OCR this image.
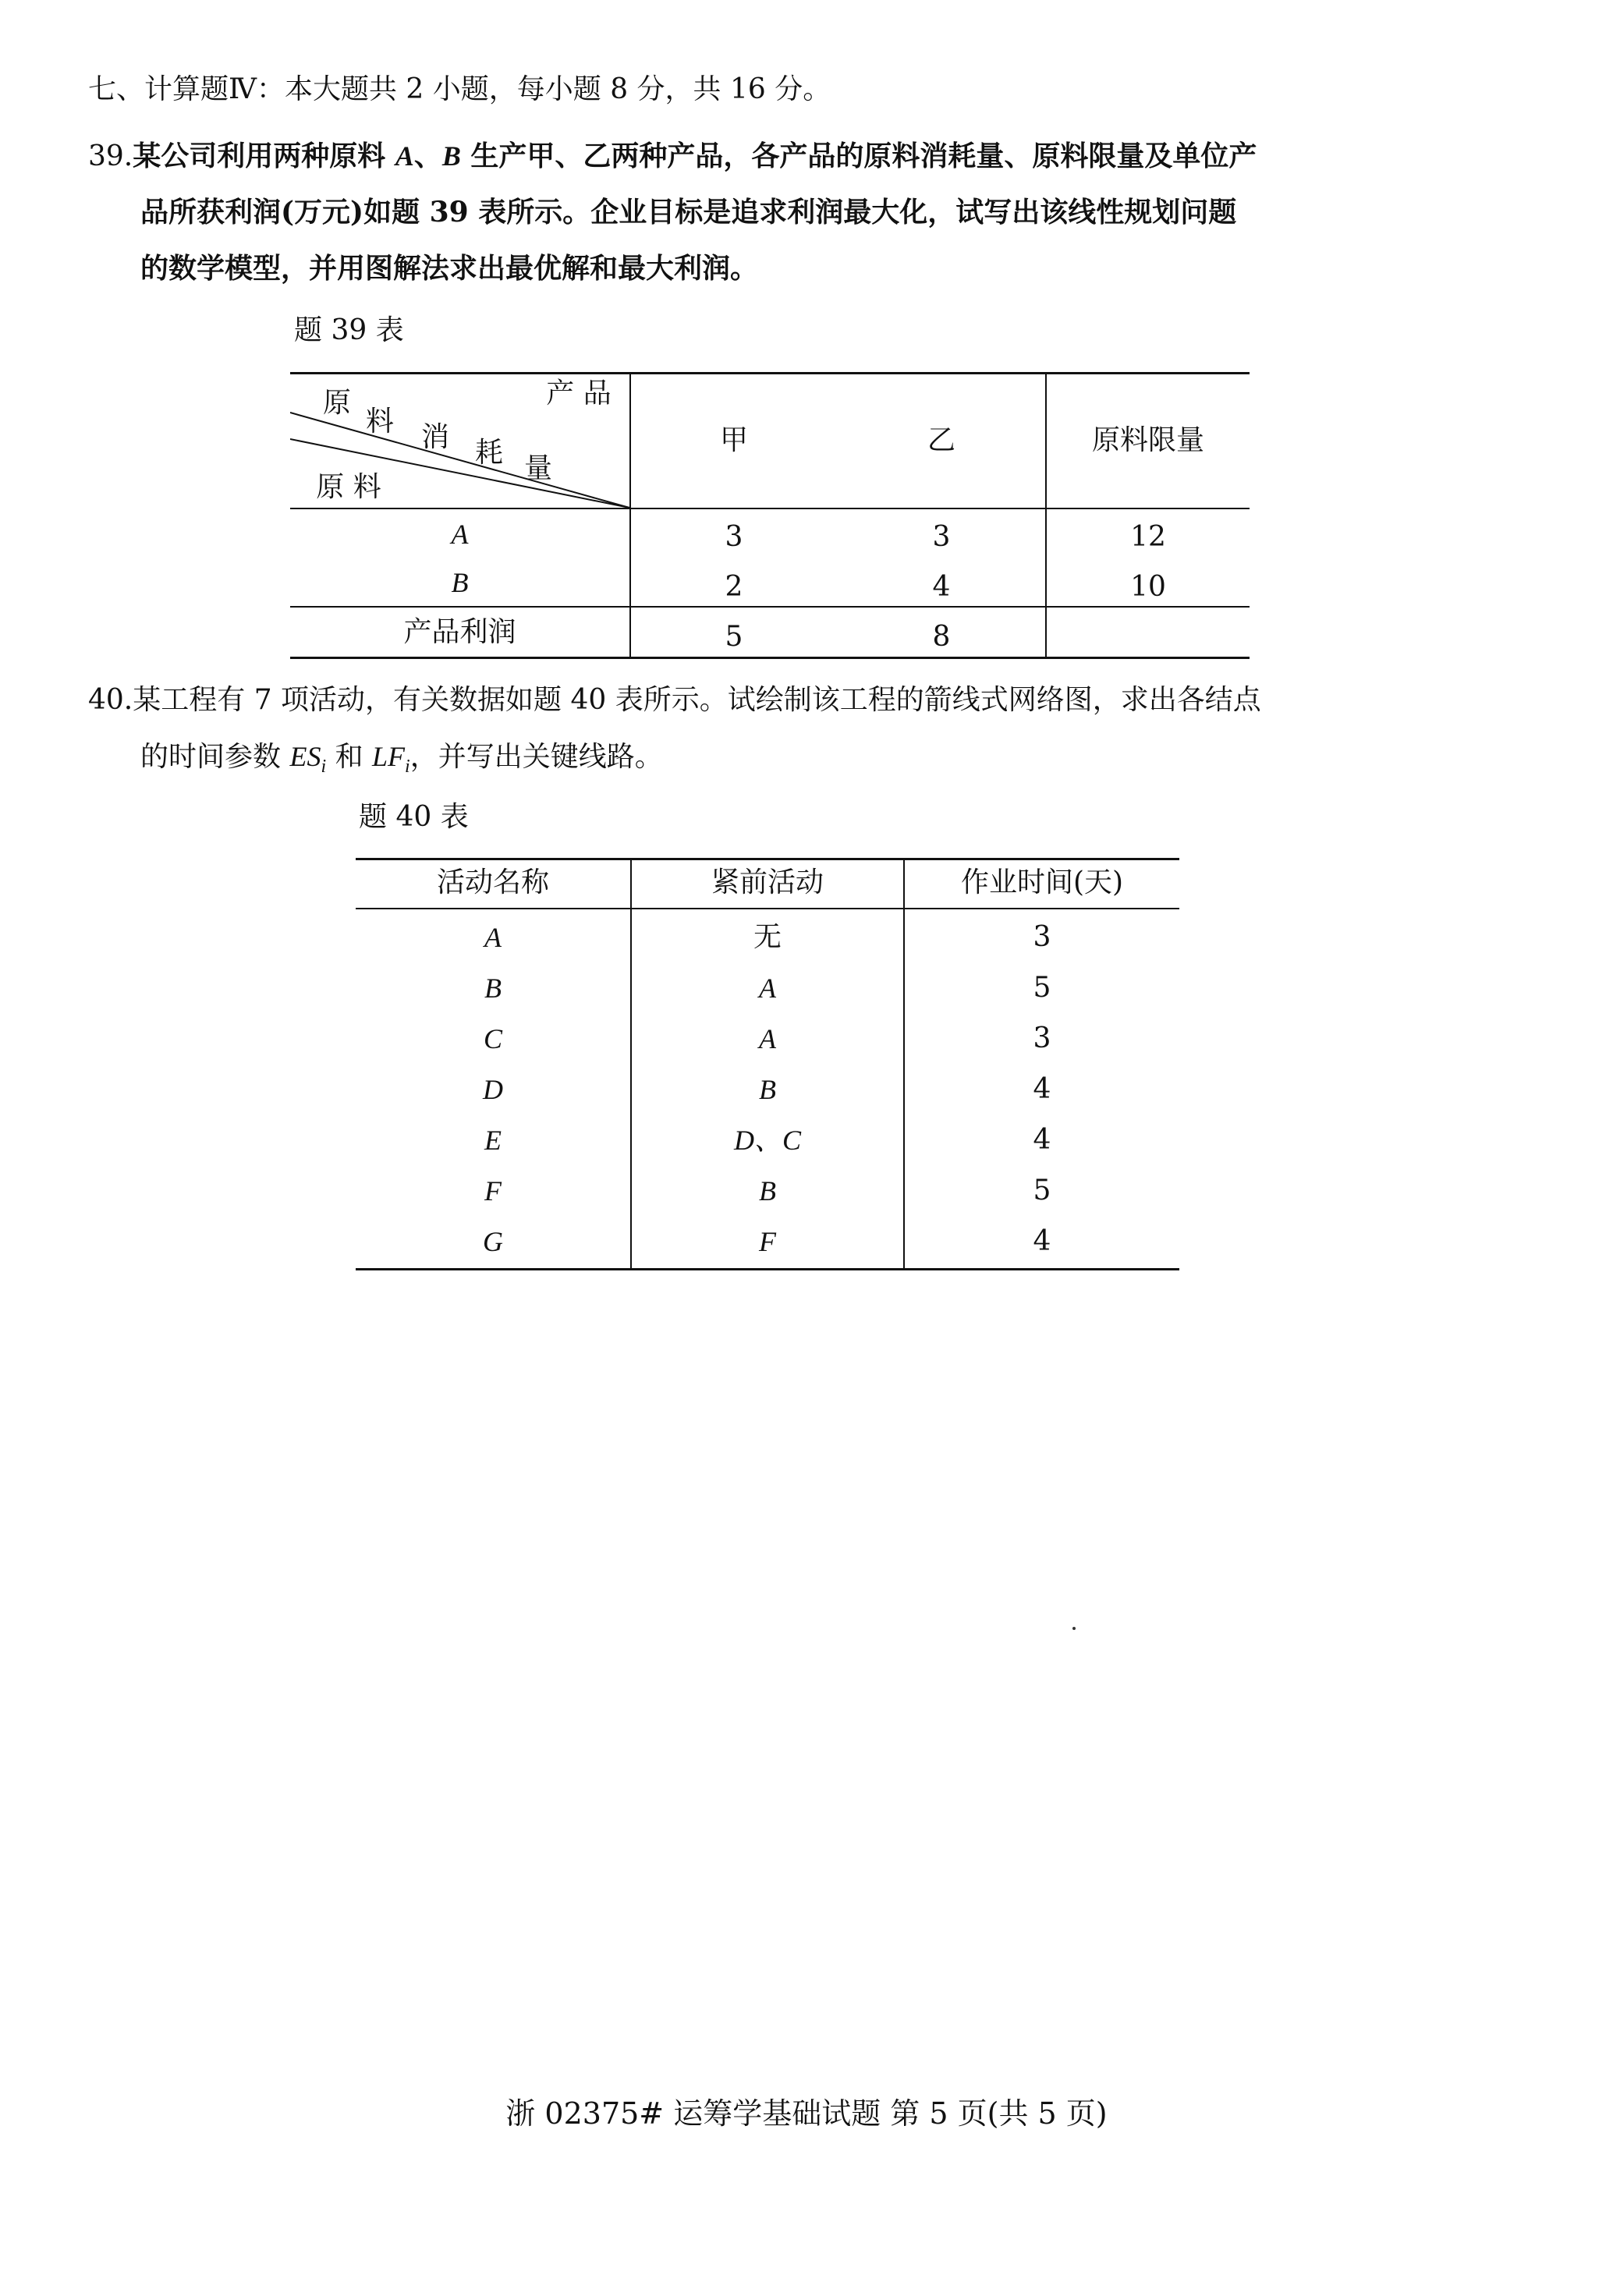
七、计算题Ⅳ：本大题共 2 小题，每小题 8 分，共 16 分。
39.某公司利用两种原料 A、B 生产甲、乙两种产品，各产品的原料消耗量、原料限量及单位产
品所获利润(万元)如题 39 表所示。企业目标是追求利润最大化，试写出该线性规划问题
的数学模型，并用图解法求出最优解和最大利润。
题 39 表
产 品
原
料 消 耗 量
原 料
甲	乙	原料限量
A	3	3	12
B	2	4	10
产品利润	5	8
40.某工程有 7 项活动，有关数据如题 40 表所示。试绘制该工程的箭线式网络图，求出各结点
的时间参数 $ES_i$ 和 $LF_i$，并写出关键线路。
题 40 表
活动名称	紧前活动	作业时间(天)
A	无	3
B	A	5
C	A	3
D	B	4
E	D、C	4
F	B	5
G	F	4
浙 02375# 运筹学基础试题 第 5 页(共 5 页)
